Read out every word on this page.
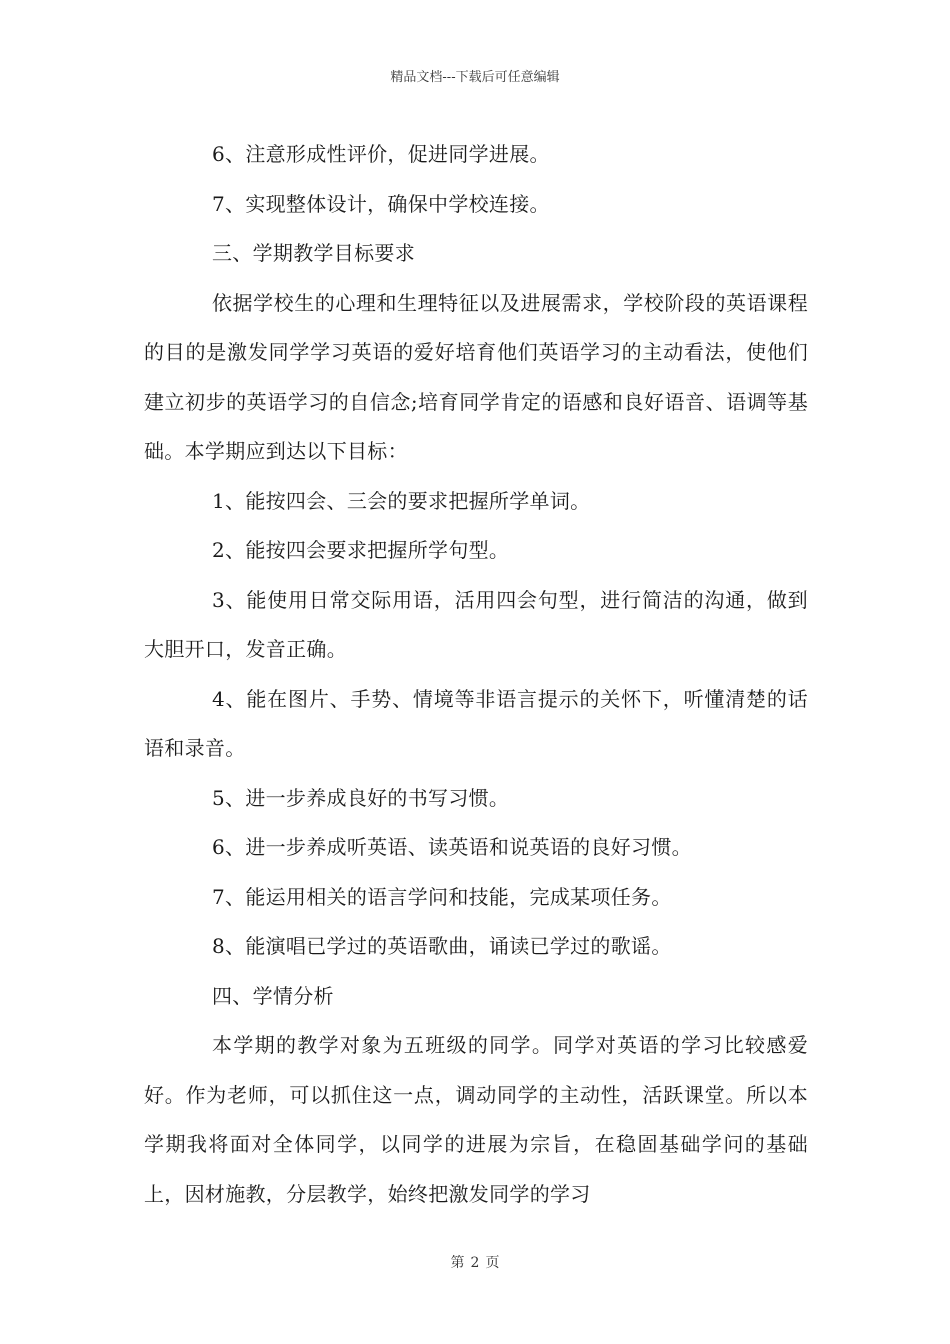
精品文档---下载后可任意编辑

6、注意形成性评价，促进同学进展。

7、实现整体设计，确保中学校连接。

三、学期教学目标要求

依据学校生的心理和生理特征以及进展需求，学校阶段的英语课程的目的是激发同学学习英语的爱好培育他们英语学习的主动看法，使他们建立初步的英语学习的自信念;培育同学肯定的语感和良好语音、语调等基础。本学期应到达以下目标：

1、能按四会、三会的要求把握所学单词。

2、能按四会要求把握所学句型。

3、能使用日常交际用语，活用四会句型，进行简洁的沟通，做到大胆开口，发音正确。

4、能在图片、手势、情境等非语言提示的关怀下，听懂清楚的话语和录音。

5、进一步养成良好的书写习惯。

6、进一步养成听英语、读英语和说英语的良好习惯。

7、能运用相关的语言学问和技能，完成某项任务。

8、能演唱已学过的英语歌曲，诵读已学过的歌谣。

四、学情分析

本学期的教学对象为五班级的同学。同学对英语的学习比较感爱好。作为老师，可以抓住这一点，调动同学的主动性，活跃课堂。所以本学期我将面对全体同学，以同学的进展为宗旨，在稳固基础学问的基础上，因材施教，分层教学，始终把激发同学的学习

第 2 页
